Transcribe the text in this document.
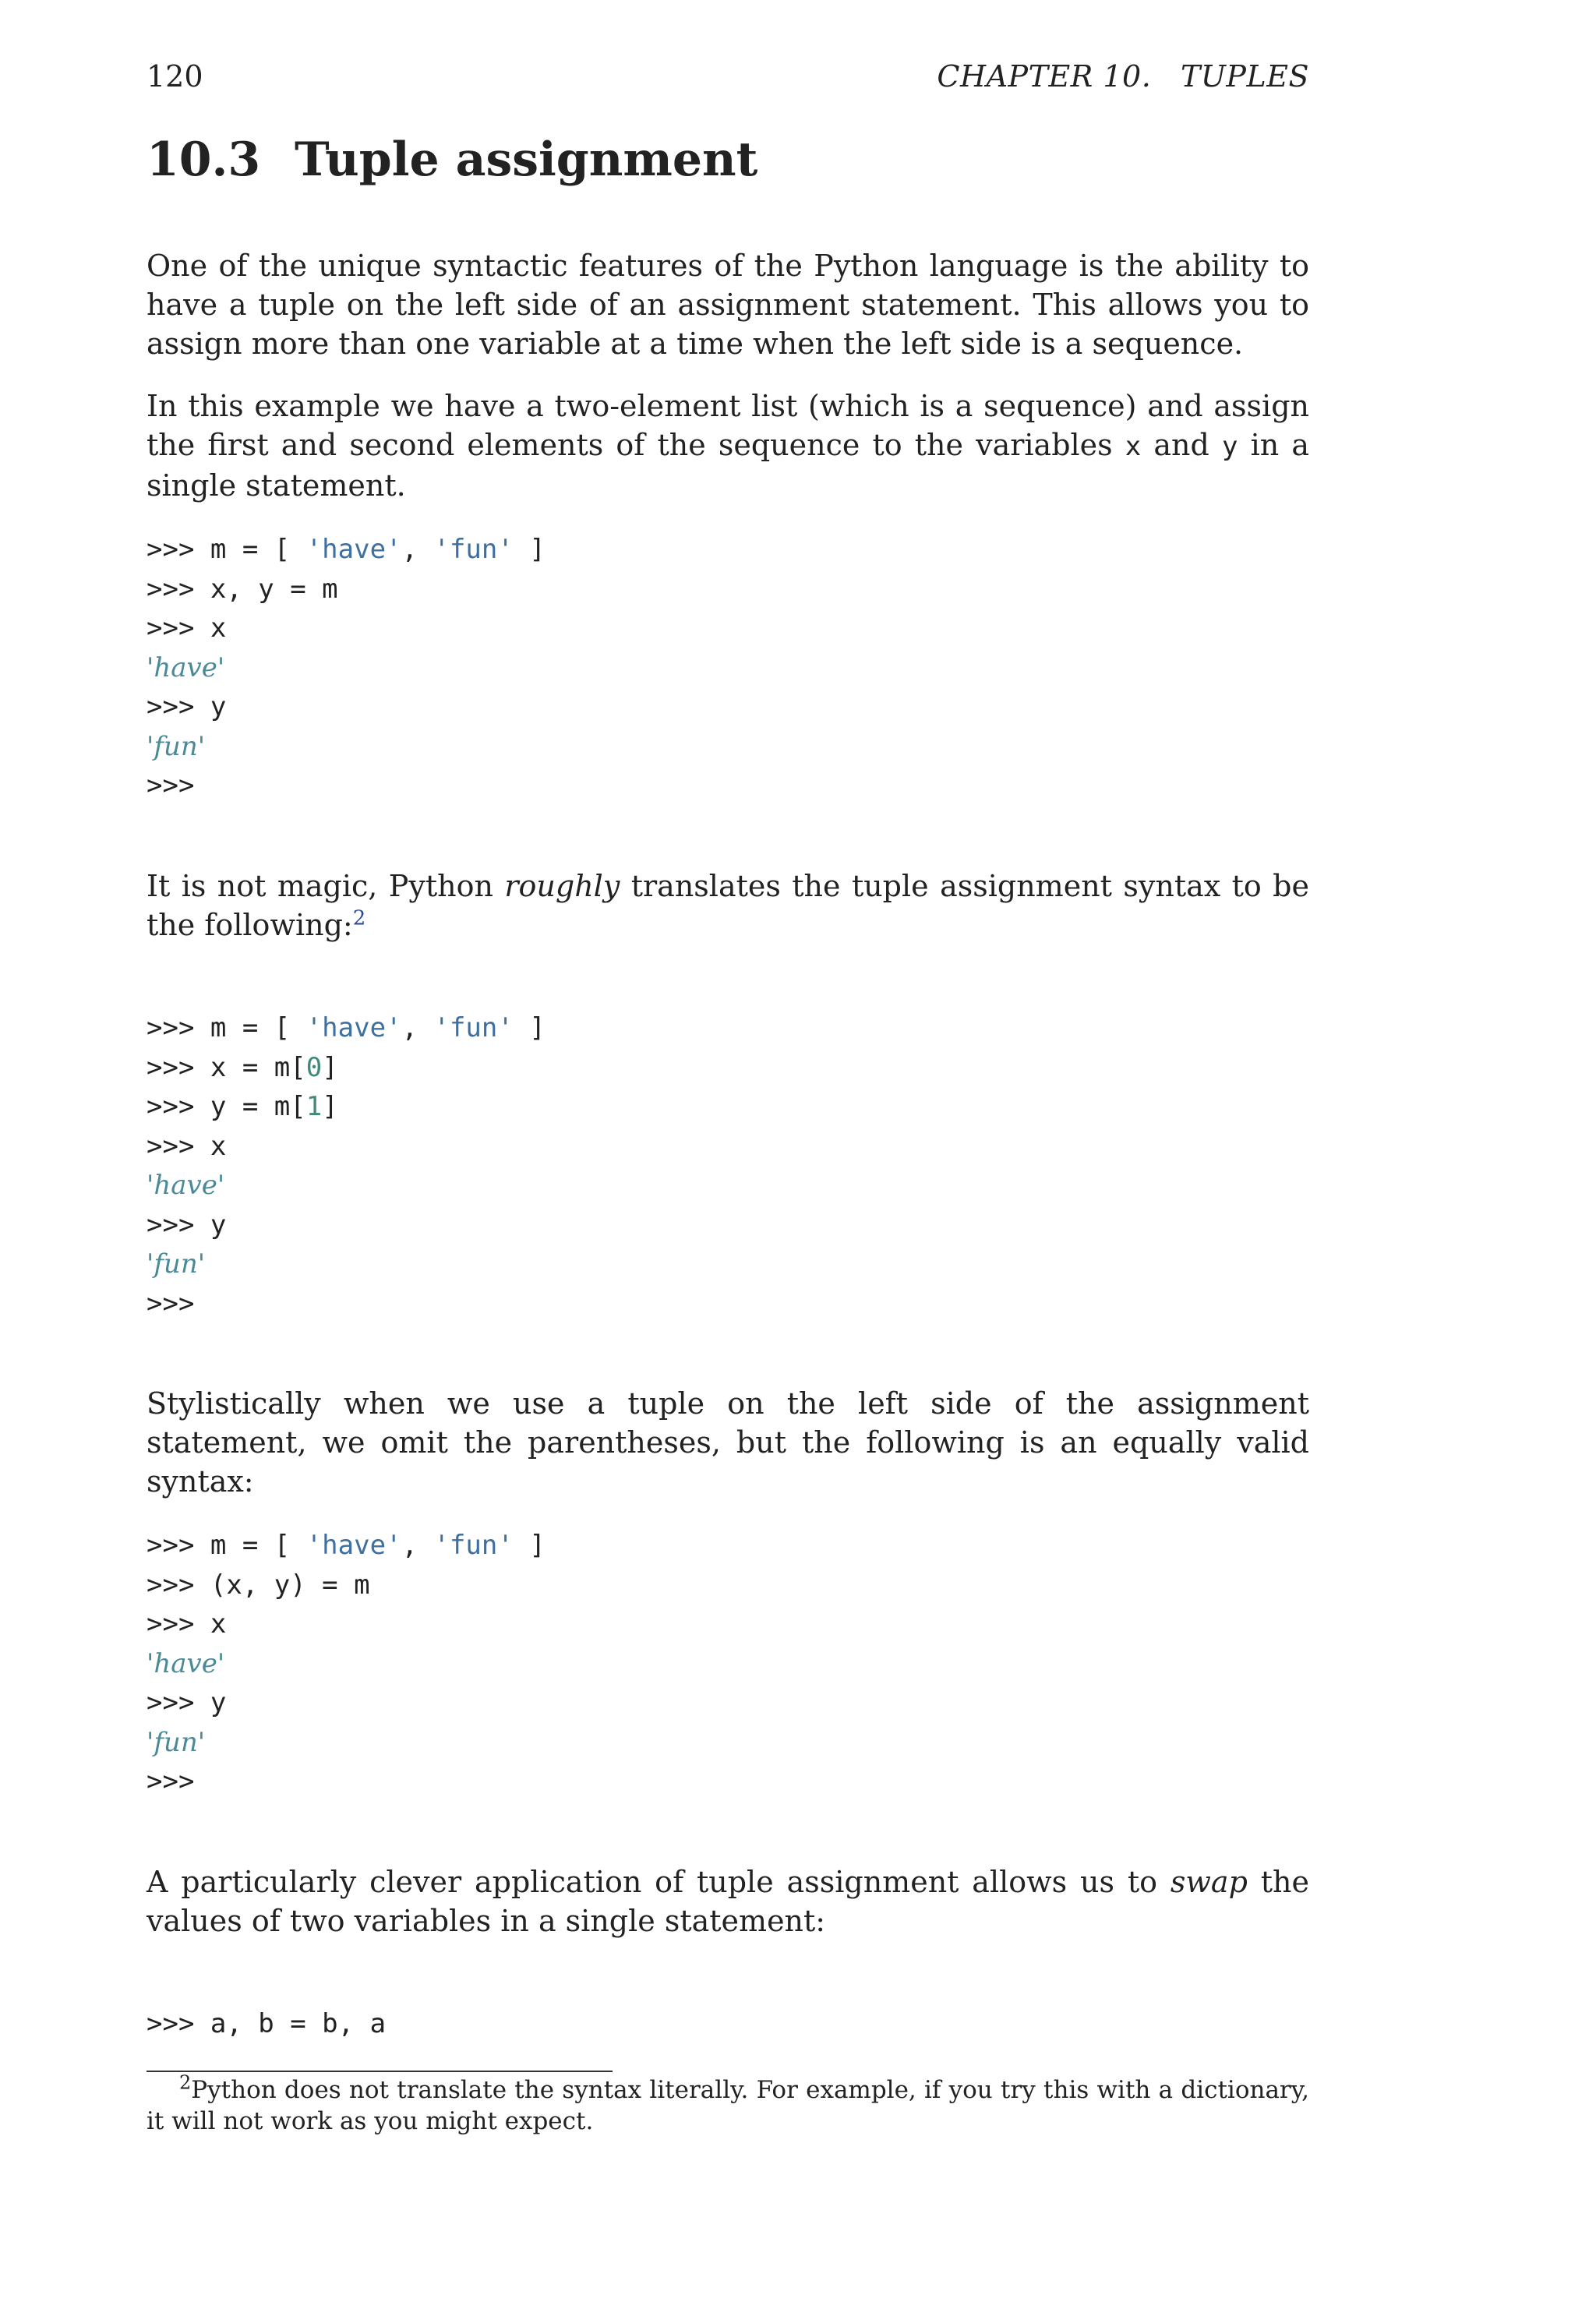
120	CHAPTER 10.   TUPLES
10.3 Tuple assignment
One of the unique syntactic features of the Python language is the ability to have a tuple on the left side of an assignment statement. This allows you to assign more than one variable at a time when the left side is a sequence.
In this example we have a two-element list (which is a sequence) and assign the first and second elements of the sequence to the variables x and y in a single statement.
>>> m = [ 'have', 'fun' ]
>>> x, y = m
>>> x
'have'
>>> y
'fun'
>>>
It is not magic, Python roughly translates the tuple assignment syntax to be the following:$^2$
>>> m = [ 'have', 'fun' ]
>>> x = m[0]
>>> y = m[1]
>>> x
'have'
>>> y
'fun'
>>>
Stylistically when we use a tuple on the left side of the assignment statement, we omit the parentheses, but the following is an equally valid syntax:
>>> m = [ 'have', 'fun' ]
>>> (x, y) = m
>>> x
'have'
>>> y
'fun'
>>>
A particularly clever application of tuple assignment allows us to swap the values of two variables in a single statement:
>>> a, b = b, a
$^2$Python does not translate the syntax literally. For example, if you try this with a dictionary, it will not work as you might expect.
